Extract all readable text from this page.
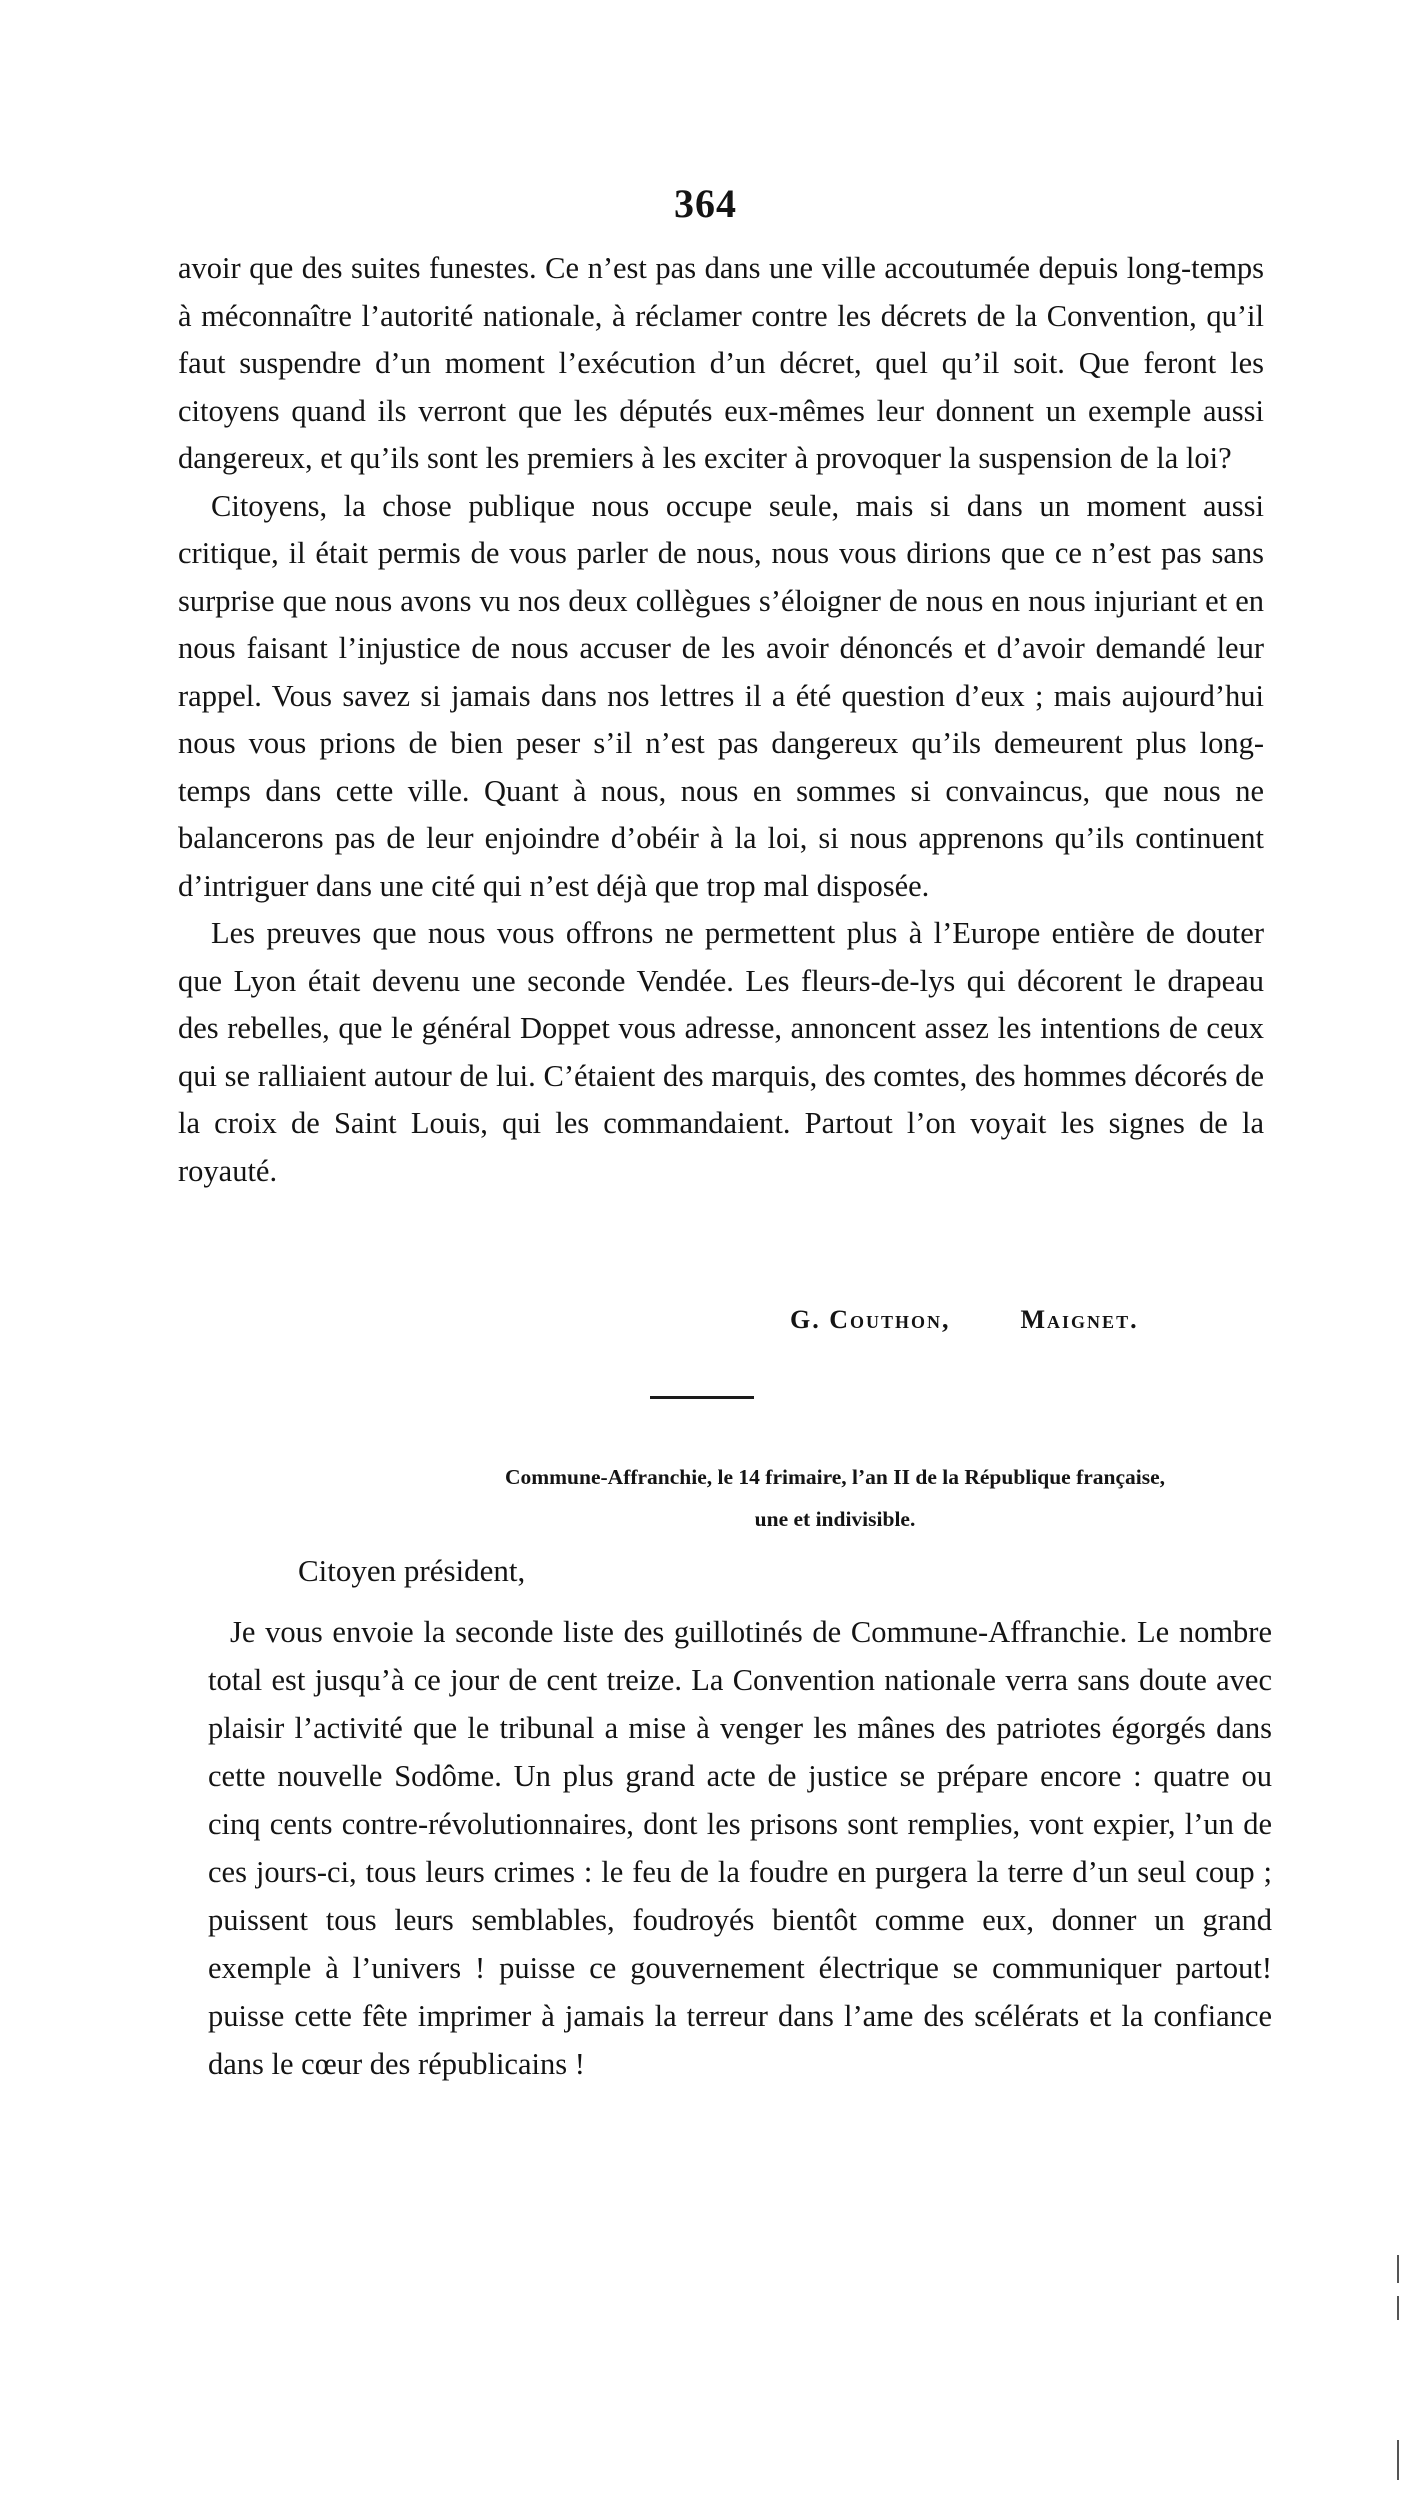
364

avoir que des suites funestes. Ce n’est pas dans une ville accoutumée depuis long-temps à méconnaître l’autorité nationale, à réclamer contre les décrets de la Convention, qu’il faut suspendre d’un moment l’exécution d’un décret, quel qu’il soit. Que feront les citoyens quand ils verront que les députés eux-mêmes leur donnent un exemple aussi dangereux, et qu’ils sont les premiers à les exciter à provoquer la suspension de la loi?

Citoyens, la chose publique nous occupe seule, mais si dans un moment aussi critique, il était permis de vous parler de nous, nous vous dirions que ce n’est pas sans surprise que nous avons vu nos deux collègues s’éloigner de nous en nous injuriant et en nous faisant l’injustice de nous accuser de les avoir dénoncés et d’avoir demandé leur rappel. Vous savez si jamais dans nos lettres il a été question d’eux ; mais aujourd’hui nous vous prions de bien peser s’il n’est pas dangereux qu’ils demeurent plus long-temps dans cette ville. Quant à nous, nous en sommes si convaincus, que nous ne balancerons pas de leur enjoindre d’obéir à la loi, si nous apprenons qu’ils continuent d’intriguer dans une cité qui n’est déjà que trop mal disposée.

Les preuves que nous vous offrons ne permettent plus à l’Europe entière de douter que Lyon était devenu une seconde Vendée. Les fleurs-de-lys qui décorent le drapeau des rebelles, que le général Doppet vous adresse, annoncent assez les intentions de ceux qui se ralliaient autour de lui. C’étaient des marquis, des comtes, des hommes décorés de la croix de Saint Louis, qui les commandaient. Partout l’on voyait les signes de la royauté.

G. Couthon,	Maignet.
Commune-Affranchie, le 14 frimaire, l’an II de la République française,
une et indivisible.
Citoyen président,

Je vous envoie la seconde liste des guillotinés de Commune-Affranchie. Le nombre total est jusqu’à ce jour de cent treize. La Convention nationale verra sans doute avec plaisir l’activité que le tribunal a mise à venger les mânes des patriotes égorgés dans cette nouvelle Sodôme. Un plus grand acte de justice se prépare encore : quatre ou cinq cents contre-révolutionnaires, dont les prisons sont remplies, vont expier, l’un de ces jours-ci, tous leurs crimes : le feu de la foudre en purgera la terre d’un seul coup ; puissent tous leurs semblables, foudroyés bientôt comme eux, donner un grand exemple à l’univers ! puisse ce gouvernement électrique se communiquer partout! puisse cette fête imprimer à jamais la terreur dans l’ame des scélérats et la confiance dans le cœur des républicains !
